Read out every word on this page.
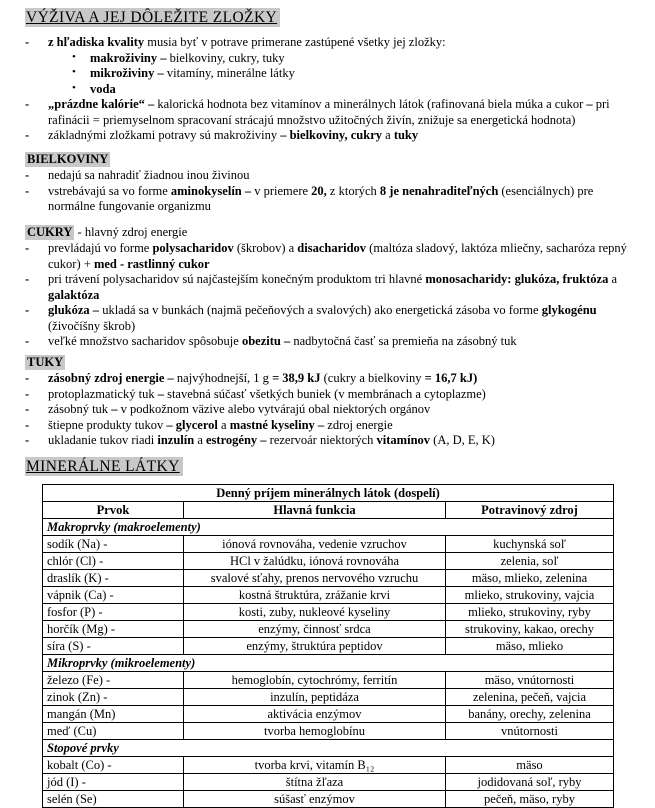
VÝŽIVA A JEJ DÔLEŽITE ZLOŽKY
- z hľadiska kvality musia byť v potrave primerane zastúpené všetky jej zložky:
• makroživiny – bielkoviny, cukry, tuky
• mikroživiny – vitamíny, minerálne látky
• voda
- „prázdne kalórie“ – kalorická hodnota bez vitamínov a minerálnych látok (rafinovaná biela múka a cukor – pri rafinácii = priemyselnom spracovaní strácajú množstvo užitočných živín, znižuje sa energetická hodnota)
- základnými zložkami potravy sú makroživiny – bielkoviny, cukry a tuky
BIELKOVINY
- nedajú sa nahradiť žiadnou inou živinou
- vstrebávajú sa vo forme aminokyselín – v priemere 20, z ktorých 8 je nenahraditeľných (esenciálnych) pre normálne fungovanie organizmu
CUKRY - hlavný zdroj energie
- prevládajú vo forme polysacharidov (škrobov) a disacharidov (maltóza sladový, laktóza mliečny, sacharóza repný cukor) + med - rastlinný cukor
- pri trávení polysacharidov sú najčastejším konečným produktom tri hlavné monosacharidy: glukóza, fruktóza a galaktóza
- glukóza – ukladá sa v bunkách (najmä pečeňových a svalových) ako energetická zásoba vo forme glykogénu (živočíšny škrob)
- veľké množstvo sacharidov spôsobuje obezitu – nadbytočná časť sa premieňa na zásobný tuk
TUKY
- zásobný zdroj energie – najvýhodnejší, 1 g = 38,9 kJ (cukry a bielkoviny = 16,7 kJ)
- protoplazmatický tuk – stavebná súčasť všetkých buniek (v membránach a cytoplazme)
- zásobný tuk – v podkožnom väzive alebo vytvárajú obal niektorých orgánov
- štiepne produkty tukov – glycerol a mastné kyseliny – zdroj energie
- ukladanie tukov riadi inzulín a estrogény – rezervoár niektorých vitamínov (A, D, E, K)
MINERÁLNE LÁTKY
Denný príjem minerálnych látok (dospelí)		
Prvok	Hlavná funkcia	Potravinový zdroj
Makroprvky (makroelementy)		
sodík (Na) -	iónová rovnováha, vedenie vzruchov	kuchynská soľ
chlór (Cl) -	HCl v žalúdku, iónová rovnováha	zelenia, soľ
draslík (K) -	svalové sťahy, prenos nervového vzruchu	mäso, mlieko, zelenina
vápnik (Ca) -	kostná štruktúra, zrážanie krvi	mlieko, strukoviny, vajcia
fosfor (P) -	kosti, zuby, nukleové kyseliny	mlieko, strukoviny, ryby
horčík (Mg) -	enzýmy, činnosť srdca	strukoviny, kakao, orechy
síra (S) -	enzýmy, štruktúra peptidov	mäso, mlieko
Mikroprvky (mikroelementy)		
železo (Fe) -	hemoglobín, cytochrómy, ferritín	mäso, vnútornosti
zinok (Zn) -	inzulín, peptidáza	zelenina, pečeň, vajcia
mangán (Mn)	aktivácia enzýmov	banány, orechy, zelenina
meď (Cu)	tvorba hemoglobínu	vnútornosti
Stopové prvky		
kobalt (Co) -	tvorba krvi, vitamín B₁₂	mäso
jód (I) -	štítna žľaza	jodidovaná soľ, ryby
selén (Se)	súšasť enzýmov	pečeň, mäso, ryby
